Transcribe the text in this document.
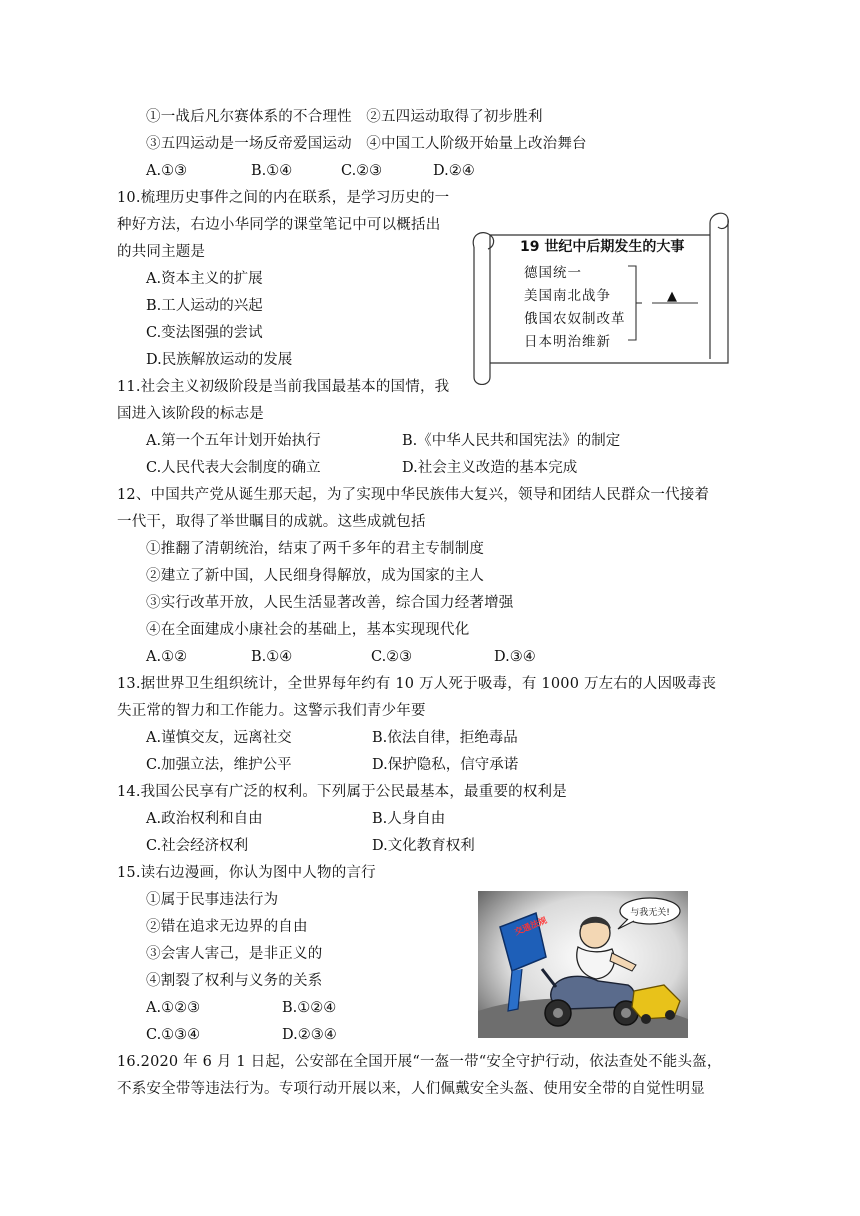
①一战后凡尔赛体系的不合理性 ②五四运动取得了初步胜利
③五四运动是一场反帝爱国运动 ④中国工人阶级开始量上改治舞台
A.①③	B.①④	C.②③	D.②④
10.梳理历史事件之间的内在联系，是学习历史的一
种好方法，右边小华同学的课堂笔记中可以概括出
的共同主题是
A.资本主义的扩展
B.工人运动的兴起
C.变法图强的尝试
D.民族解放运动的发展
19 世纪中后期发生的大事
德国统一
美国南北战争
俄国农奴制改革
日本明治维新
▲
11.社会主义初级阶段是当前我国最基本的国情，我
国进入该阶段的标志是
A.第一个五年计划开始执行	B.《中华人民共和国宪法》的制定
C.人民代表大会制度的确立	D.社会主义改造的基本完成
12、中国共产党从诞生那天起，为了实现中华民族伟大复兴，领导和团结人民群众一代接着
一代干，取得了举世瞩目的成就。这些成就包括
①推翻了清朝统治，结束了两千多年的君主专制制度
②建立了新中国，人民细身得解放，成为国家的主人
③实行改革开放，人民生活显著改善，综合国力经著增强
④在全面建成小康社会的基础上，基本实现现代化
A.①②	B.①④	C.②③	D.③④
13.据世界卫生组织统计，全世界每年约有 10 万人死于吸毒，有 1000 万左右的人因吸毒丧
失正常的智力和工作能力。这警示我们青少年要
A.谨慎交友，远离社交	B.依法自律，拒绝毒品
C.加强立法，维护公平	D.保护隐私，信守承诺
14.我国公民享有广泛的权利。下列属于公民最基本，最重要的权利是
A.政治权利和自由	B.人身自由
C.社会经济权利	D.文化教育权利
15.读右边漫画，你认为图中人物的言行
①属于民事违法行为
②错在追求无边界的自由
③会害人害己，是非正义的
④割裂了权利与义务的关系
A.①②③	B.①②④
C.①③④	D.②③④
交通法规
与我无关!
16.2020 年 6 月 1 日起，公安部在全国开展“一盔一带“安全守护行动，依法查处不能头盔，
不系安全带等违法行为。专项行动开展以来，人们佩戴安全头盔、使用安全带的自觉性明显
